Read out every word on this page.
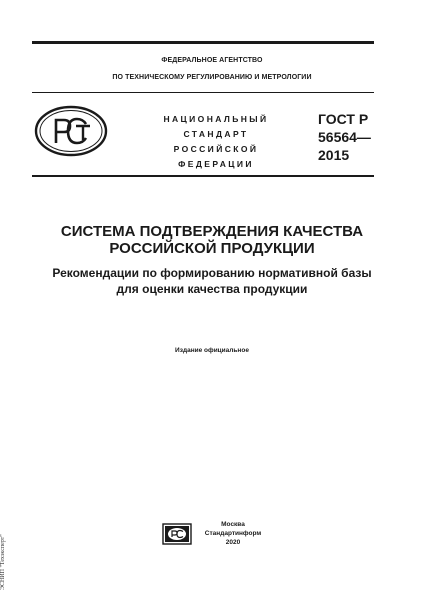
ФЕДЕРАЛЬНОЕ АГЕНТСТВО
ПО ТЕХНИЧЕСКОМУ РЕГУЛИРОВАНИЮ И МЕТРОЛОГИИ
НАЦИОНАЛЬНЫЙ
СТАНДАРТ
РОССИЙСКОЙ
ФЕДЕРАЦИИ
ГОСТ Р
56564—
2015
СИСТЕМА ПОДТВЕРЖДЕНИЯ КАЧЕСТВА
РОССИЙСКОЙ ПРОДУКЦИИ
Рекомендации по формированию нормативной базы
для оценки качества продукции
Издание официальное
Москва
Стандартинформ
2020
ЭСНИП "Техэксперт"
